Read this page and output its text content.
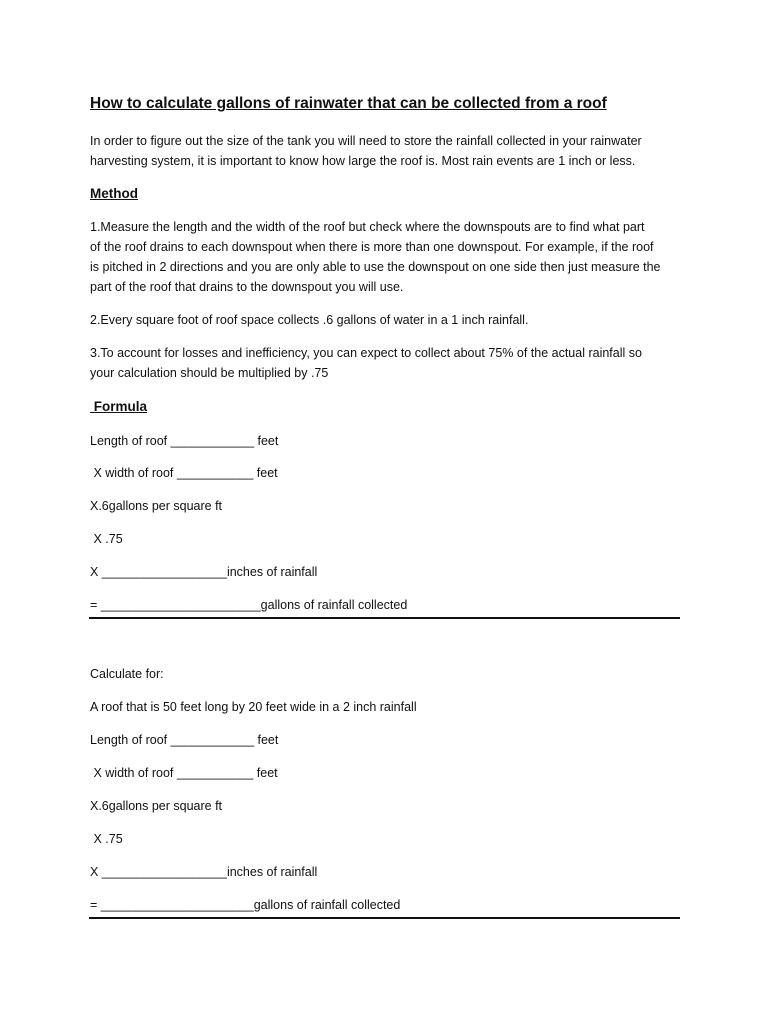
How to calculate gallons of rainwater that can be collected from a roof
In order to figure out the size of the tank you will need to store the rainfall collected in your rainwater
harvesting system, it is important to know how large the roof is. Most rain events are 1 inch or less.
Method
1.Measure the length and the width of the roof but check where the downspouts are to find what part
of the roof drains to each downspout when there is more than one downspout. For example, if the roof
is pitched in 2 directions and you are only able to use the downspout on one side then just measure the
part of the roof that drains to the downspout you will use.
2.Every square foot of roof space collects .6 gallons of water in a 1 inch rainfall.
3.To account for losses and inefficiency, you can expect to collect about 75% of the actual rainfall so
your calculation should be multiplied by .75
Formula
Length of roof ____________ feet
X width of roof ___________ feet
X.6gallons per square ft
X .75
X __________________inches of rainfall
= _______________________gallons of rainfall collected
Calculate for:
A roof that is 50 feet long by 20 feet wide in a 2 inch rainfall
Length of roof ____________ feet
X width of roof ___________ feet
X.6gallons per square ft
X .75
X __________________inches of rainfall
= ______________________gallons of rainfall collected
